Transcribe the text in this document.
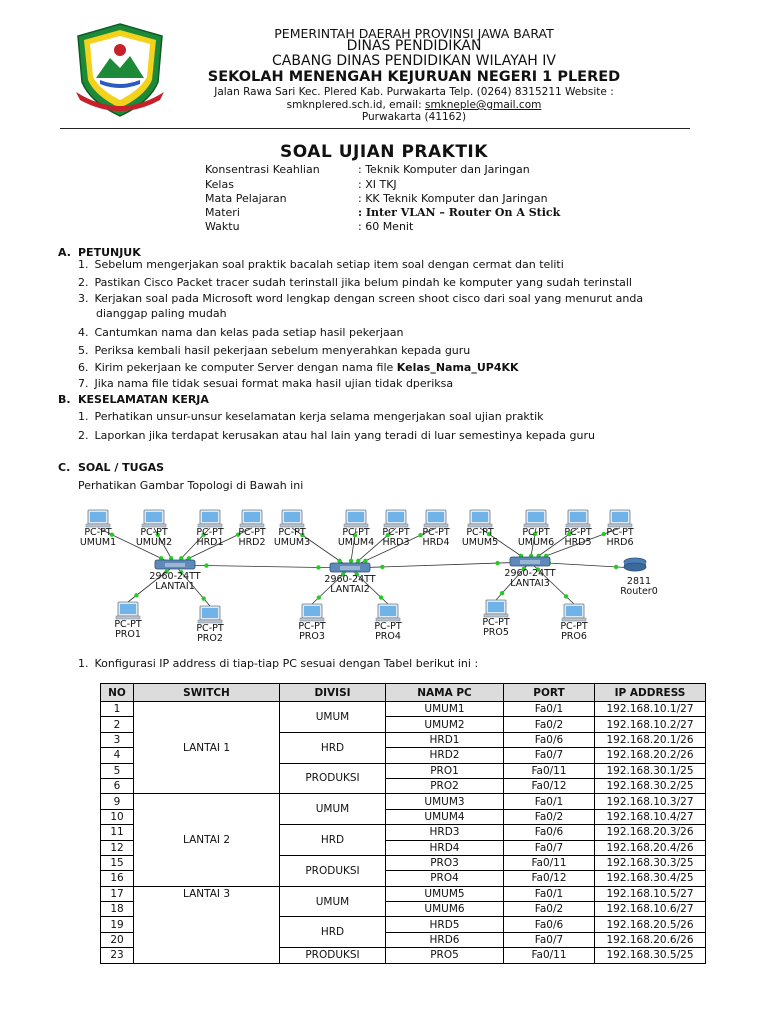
PEMERINTAH DAERAH PROVINSI JAWA BARAT
DINAS PENDIDIKAN
CABANG DINAS PENDIDIKAN WILAYAH IV
SEKOLAH MENENGAH KEJURUAN NEGERI 1 PLERED
Jalan Rawa Sari Kec. Plered Kab. Purwakarta Telp. (0264) 8315211 Website :
smknplered.sch.id, email: smkneple@gmail.com
Purwakarta (41162)
SOAL UJIAN PRAKTIK
Konsentrasi Keahlian	: Teknik Komputer dan Jaringan
Kelas	: XI TKJ
Mata Pelajaran	: KK Teknik Komputer dan Jaringan
Materi	: Inter VLAN – Router On A Stick
Waktu	: 60 Menit
A. PETUNJUK
1. Sebelum mengerjakan soal praktik bacalah setiap item soal dengan cermat dan teliti
2. Pastikan Cisco Packet tracer sudah terinstall jika belum pindah ke komputer yang sudah terinstall
3. Kerjakan soal pada Microsoft word lengkap dengan screen shoot cisco dari soal yang menurut anda
dianggap paling mudah
4. Cantumkan nama dan kelas pada setiap hasil pekerjaan
5. Periksa kembali hasil pekerjaan sebelum menyerahkan kepada guru
6. Kirim pekerjaan ke computer Server dengan nama file Kelas_Nama_UP4KK
7. Jika nama file tidak sesuai format maka hasil ujian tidak dperiksa
B. KESELAMATAN KERJA
1. Perhatikan unsur-unsur keselamatan kerja selama mengerjakan soal ujian praktik
2. Laporkan jika terdapat kerusakan atau hal lain yang teradi di luar semestinya kepada guru
C. SOAL / TUGAS
Perhatikan Gambar Topologi di Bawah ini
PC-PT
UMUM1
PC-PT
UMUM2
PC-PT
HRD1
PC-PT
HRD2
PC-PT
UMUM3
PC-PT
UMUM4
PC-PT
HRD3
PC-PT
HRD4
PC-PT
UMUM5
PC-PT
UMUM6
PC-PT
HRD5
PC-PT
HRD6
PC-PT
PRO1
PC-PT
PRO2
PC-PT
PRO3
PC-PT
PRO4
PC-PT
PRO5
PC-PT
PRO6
2960-24TT
LANTAI1
2960-24TT
LANTAI2
2960-24TT
LANTAI3	2811
Router0
1. Konfigurasi IP address di tiap-tiap PC sesuai dengan Tabel berikut ini :
NO	SWITCH	DIVISI	NAMA PC	PORT	IP ADDRESS
1	LANTAI 1	UMUM	UMUM1	Fa0/1	192.168.10.1/27
2			UMUM2	Fa0/2	192.168.10.2/27
3		HRD	HRD1	Fa0/6	192.168.20.1/26
4			HRD2	Fa0/7	192.168.20.2/26
5		PRODUKSI	PRO1	Fa0/11	192.168.30.1/25
6			PRO2	Fa0/12	192.168.30.2/25
9	LANTAI 2	UMUM	UMUM3	Fa0/1	192.168.10.3/27
10			UMUM4	Fa0/2	192.168.10.4/27
11		HRD	HRD3	Fa0/6	192.168.20.3/26
12			HRD4	Fa0/7	192.168.20.4/26
15		PRODUKSI	PRO3	Fa0/11	192.168.30.3/25
16			PRO4	Fa0/12	192.168.30.4/25
17	LANTAI 3	UMUM	UMUM5	Fa0/1	192.168.10.5/27
18			UMUM6	Fa0/2	192.168.10.6/27
19		HRD	HRD5	Fa0/6	192.168.20.5/26
20			HRD6	Fa0/7	192.168.20.6/26
23		PRODUKSI	PRO5	Fa0/11	192.168.30.5/25
